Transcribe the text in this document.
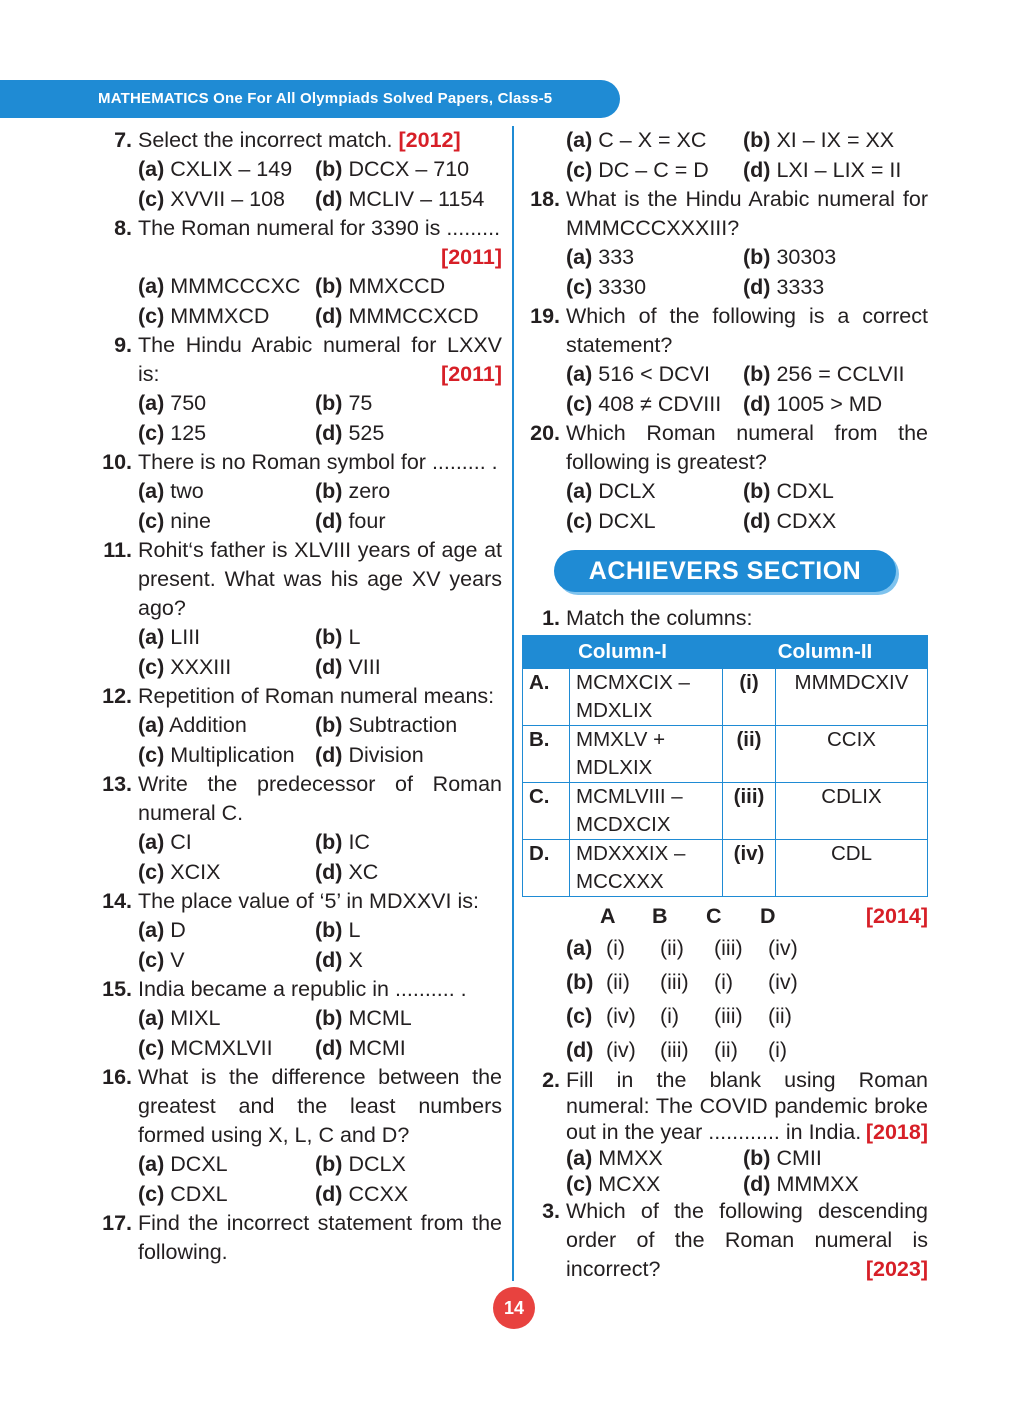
MATHEMATICS One For All Olympiads Solved Papers, Class-5
7. Select the incorrect match. [2012]
(a) CXLIX – 149	(b) DCCX – 710
(c) XVVII – 108	(d) MCLIV – 1154
8. The Roman numeral for 3390 is .........
[2011]
(a) MMMCCCXC (b) MMXCCD
(c) MMMXCD	(d) MMMCCXCD
9. The Hindu Arabic numeral for LXXV is:	[2011]
(a) 750	(b) 75
(c) 125	(d) 525
10. There is no Roman symbol for ......... .
(a) two	(b) zero
(c) nine	(d) four
11. Rohit‘s father is XLVIII years of age at present. What was his age XV years ago?
(a) LIII	(b) L
(c) XXXIII	(d) VIII
12. Repetition of Roman numeral means:
(a) Addition	(b) Subtraction
(c) Multiplication (d) Division
13. Write the predecessor of Roman numeral C.
(a) CI	(b) IC
(c) XCIX	(d) XC
14. The place value of ‘5’ in MDXXVI is:
(a) D	(b) L
(c) V	(d) X
15. India became a republic in .......... .
(a) MIXL	(b) MCML
(c) MCMXLVII	(d) MCMI
16. What is the difference between the greatest and the least numbers formed using X, L, C and D?
(a) DCXL	(b) DCLX
(c) CDXL	(d) CCXX
17. Find the incorrect statement from the following.
(a) C – X = XC	(b) XI – IX = XX
(c) DC – C = D	(d) LXI – LIX = II
18. What is the Hindu Arabic numeral for MMMCCCXXXIII?
(a) 333	(b) 30303
(c) 3330	(d) 3333
19. Which of the following is a correct statement?
(a) 516 < DCVI	(b) 256 = CCLVII
(c) 408 ≠ CDVIII	(d) 1005 > MD
20. Which Roman numeral from the following is greatest?
(a) DCLX	(b) CDXL
(c) DCXL	(d) CDXX
ACHIEVERS SECTION
1. Match the columns:
Column-I		Column-II	
A.	MCMXCIX – MDXLIX	(i)	MMMDCXIV
B.	MMXLV + MDLXIX	(ii)	CCIX
C.	MCMLVIII – MCDXCIX	(iii)	CDLIX
D.	MDXXXIX – MCCXXX	(iv)	CDL
A	B	C	D	[2014]
(a) (i) (ii) (iii) (iv)
(b) (ii) (iii) (i) (iv)
(c) (iv) (i) (iii) (ii)
(d) (iv) (iii) (ii) (i)
2. Fill in the blank using Roman numeral: The COVID pandemic broke out in the year ............ in India. [2018]
(a) MMXX	(b) CMII
(c) MCXX	(d) MMMXX
3. Which of the following descending order of the Roman numeral is incorrect?	[2023]
14
